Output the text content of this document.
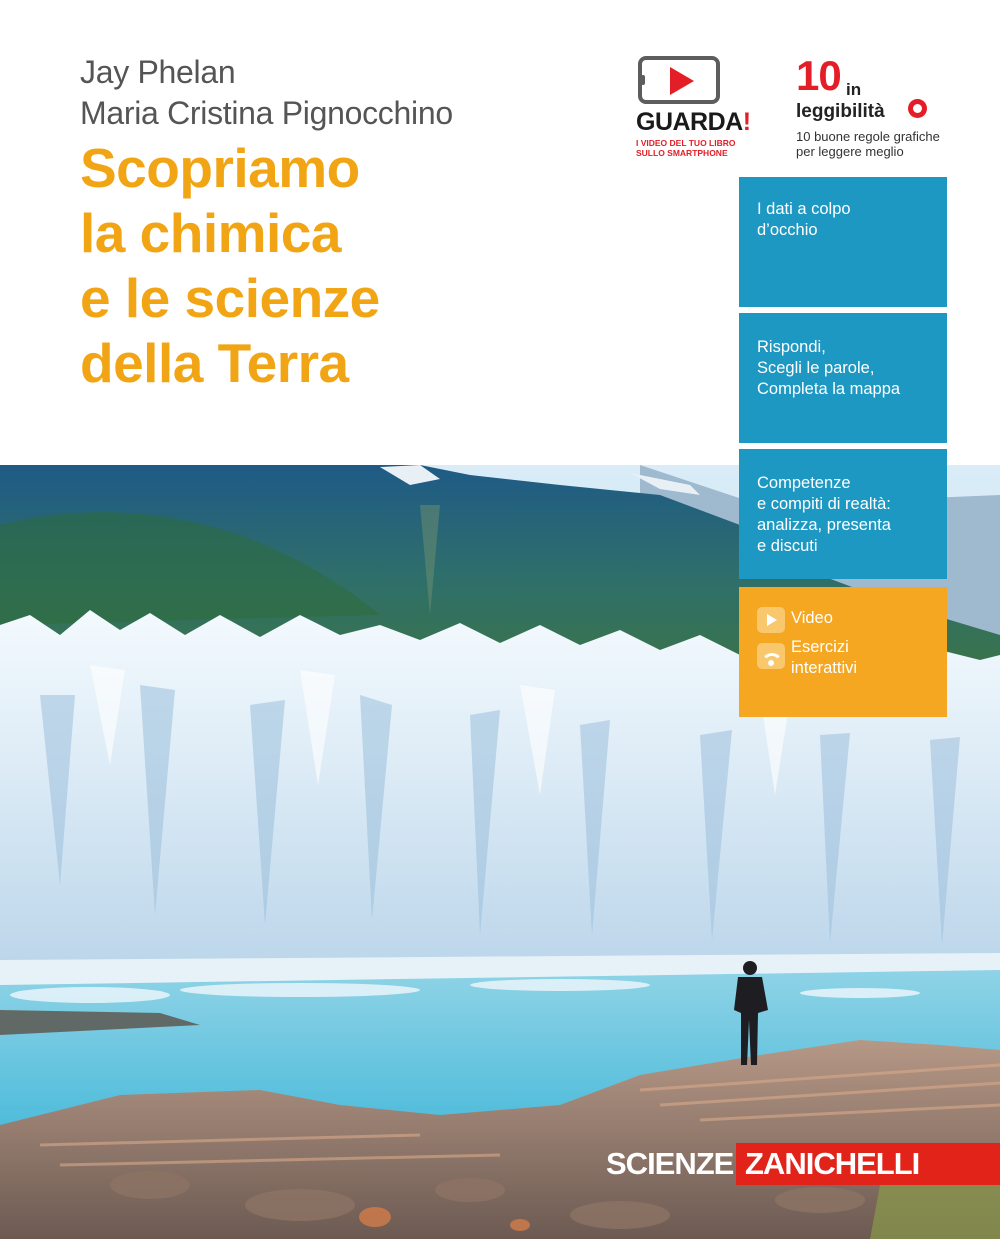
Jay Phelan
Maria Cristina Pignocchino
Scopriamo
la chimica
e le scienze
della Terra
GUARDA!
I VIDEO DEL TUO LIBRO
SULLO SMARTPHONE
10 in
leggibilità
10 buone regole grafiche
per leggere meglio
I dati a colpo
d’occhio
Rispondi,
Scegli le parole,
Completa la mappa
Competenze
e compiti di realtà:
analizza, presenta
e discuti
Video
Esercizi
interattivi
SCIENZE ZANICHELLI
